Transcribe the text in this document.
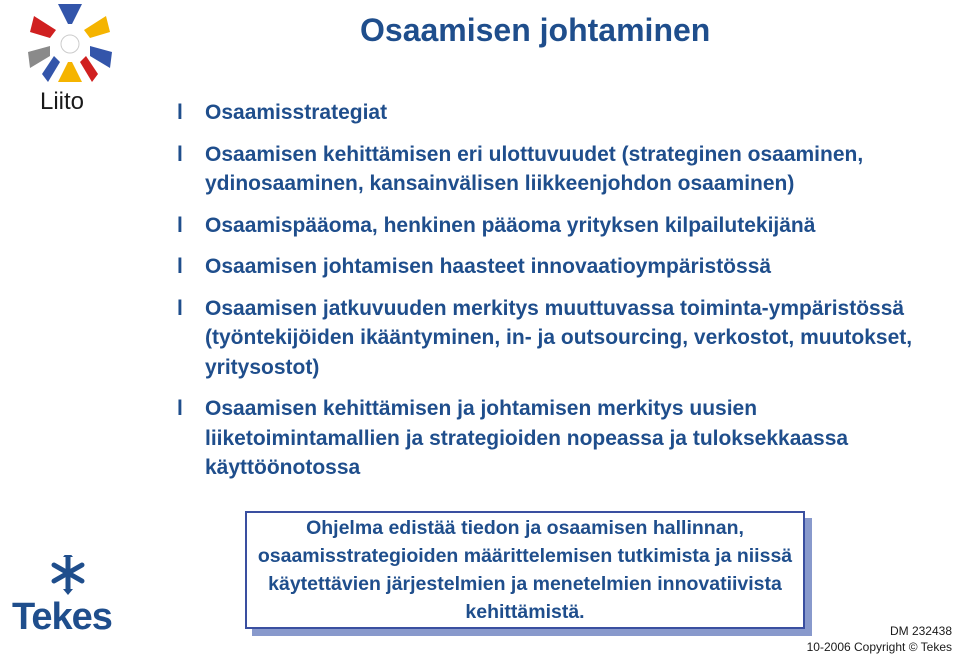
Liito
Osaamisen johtaminen
l Osaamisstrategiat
l Osaamisen kehittämisen eri ulottuvuudet (strateginen osaaminen, ydinosaaminen, kansainvälisen liikkeenjohdon osaaminen)
l Osaamispääoma, henkinen pääoma yrityksen kilpailutekijänä
l Osaamisen johtamisen haasteet innovaatioympäristössä
l Osaamisen jatkuvuuden merkitys muuttuvassa toiminta-ympäristössä (työntekijöiden ikääntyminen, in- ja outsourcing, verkostot, muutokset, yritysostot)
l Osaamisen kehittämisen ja johtamisen merkitys uusien liiketoimintamallien ja strategioiden nopeassa ja tuloksekkaassa käyttöönotossa
Ohjelma edistää tiedon ja osaamisen hallinnan, osaamisstrategioiden määrittelemisen tutkimista ja niissä käytettävien järjestelmien ja menetelmien innovatiivista kehittämistä.
Tekes	DM 232438
10-2006 Copyright © Tekes
